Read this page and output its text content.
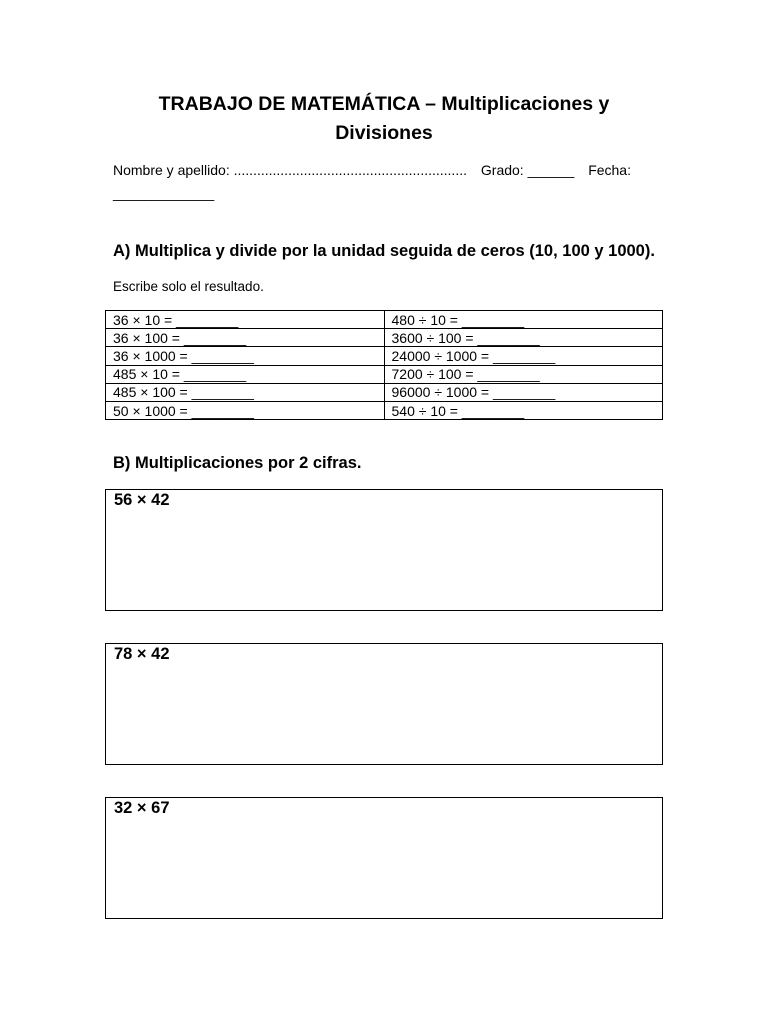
TRABAJO DE MATEMÁTICA – Multiplicaciones y
Divisiones
Nombre y apellido: ............................................................ Grado: ______ Fecha:
_____________
A) Multiplica y divide por la unidad seguida de ceros (10, 100 y 1000).
Escribe solo el resultado.
36 × 10 = ________	480 ÷ 10 = ________
36 × 100 = ________	3600 ÷ 100 = ________
36 × 1000 = ________	24000 ÷ 1000 = ________
485 × 10 = ________	7200 ÷ 100 = ________
485 × 100 = ________	96000 ÷ 1000 = ________
50 × 1000 = ________	540 ÷ 10 = ________
B) Multiplicaciones por 2 cifras.
56 × 42
78 × 42
32 × 67
